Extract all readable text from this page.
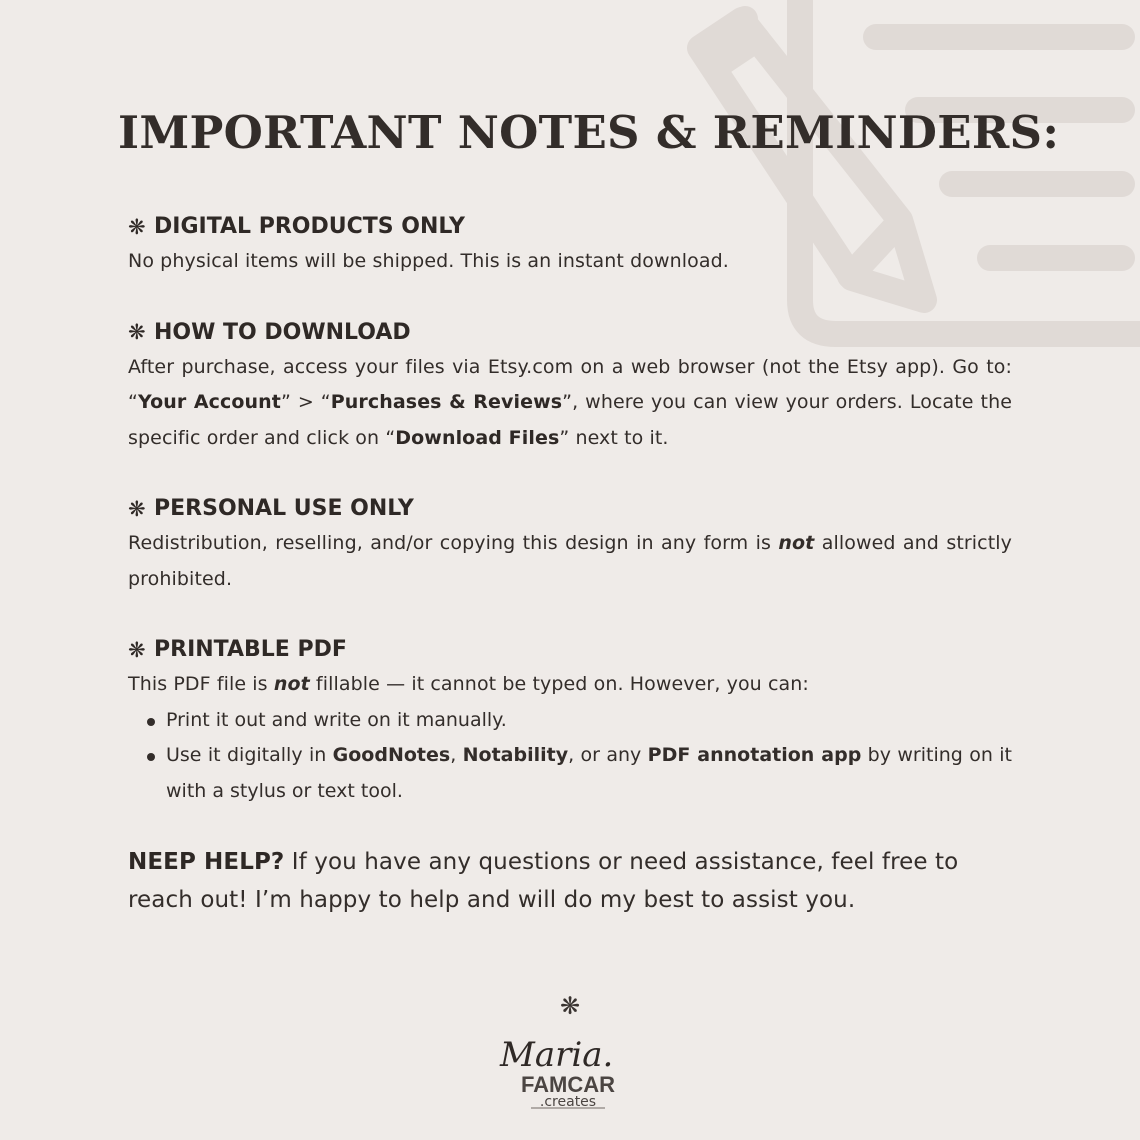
IMPORTANT NOTES & REMINDERS:
❋ DIGITAL PRODUCTS ONLY

No physical items will be shipped. This is an instant download.

❋ HOW TO DOWNLOAD

After purchase, access your files via Etsy.com on a web browser (not the Etsy app). Go to: “Your Account” > “Purchases & Reviews”, where you can view your orders. Locate the specific order and click on “Download Files” next to it.

❋ PERSONAL USE ONLY

Redistribution, reselling, and/or copying this design in any form is not allowed and strictly prohibited.

❋ PRINTABLE PDF

This PDF file is not fillable — it cannot be typed on. However, you can:

Print it out and write on it manually.
Use it digitally in GoodNotes, Notability, or any PDF annotation app by writing on it with a stylus or text tool.

NEEP HELP? If you have any questions or need assistance, feel free to reach out! I’m happy to help and will do my best to assist you.

❋
Maria.
FAMCAR
.creates
